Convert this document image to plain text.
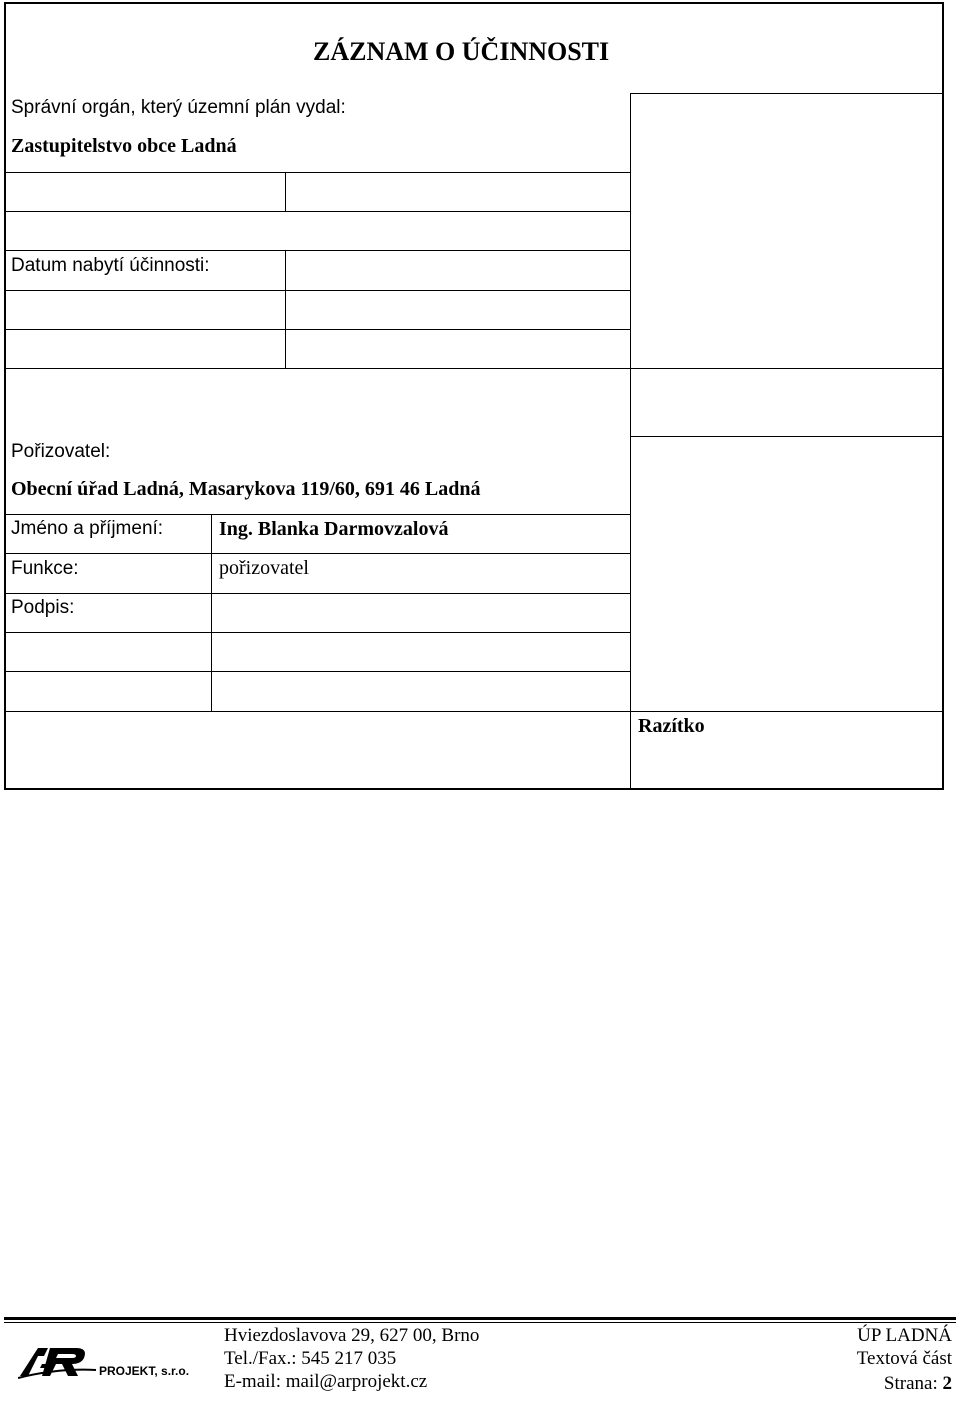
ZÁZNAM O ÚČINNOSTI
Správní orgán, který územní plán vydal:
Zastupitelstvo obce Ladná
Datum nabytí účinnosti:
Pořizovatel:
Obecní úřad Ladná, Masarykova 119/60, 691 46 Ladná
Jméno a příjmení:	Ing. Blanka Darmovzalová
Funkce:	pořizovatel
Podpis:
Razítko
PROJEKT, s.r.o.
Hviezdoslavova 29, 627 00, Brno
Tel./Fax.: 545 217 035
E-mail: mail@arprojekt.cz
ÚP LADNÁ
Textová část
Strana: 2
